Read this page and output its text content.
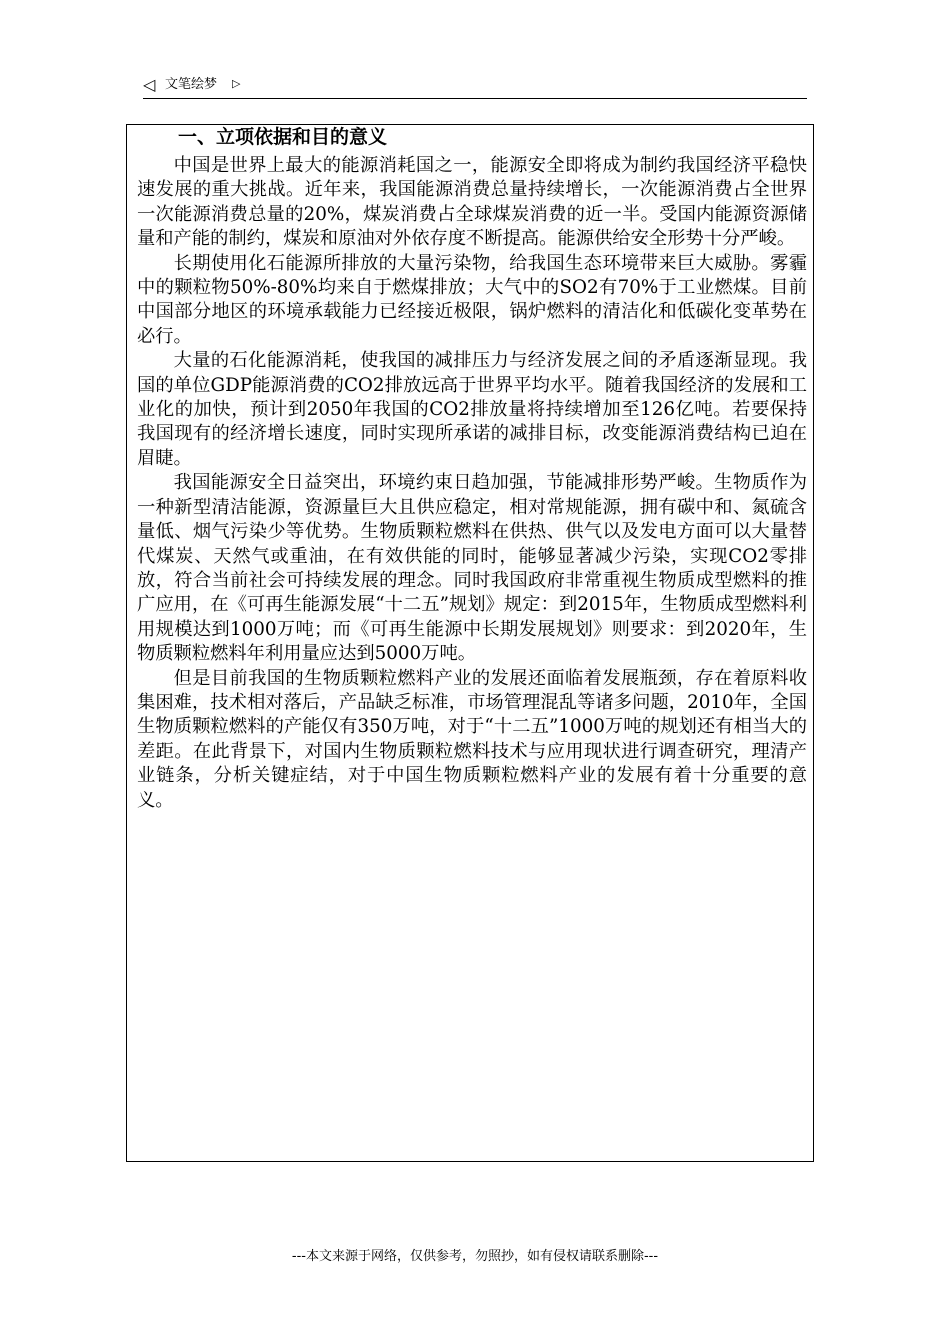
◁ 文笔绘梦 ▷
一、立项依据和目的意义

中国是世界上最大的能源消耗国之一，能源安全即将成为制约我国经济平稳快速发展的重大挑战。近年来，我国能源消费总量持续增长，一次能源消费占全世界一次能源消费总量的20%，煤炭消费占全球煤炭消费的近一半。受国内能源资源储量和产能的制约，煤炭和原油对外依存度不断提高。能源供给安全形势十分严峻。

长期使用化石能源所排放的大量污染物，给我国生态环境带来巨大威胁。雾霾中的颗粒物50%-80%均来自于燃煤排放；大气中的SO2有70%于工业燃煤。目前中国部分地区的环境承载能力已经接近极限，锅炉燃料的清洁化和低碳化变革势在必行。

大量的石化能源消耗，使我国的减排压力与经济发展之间的矛盾逐渐显现。我国的单位GDP能源消费的CO2排放远高于世界平均水平。随着我国经济的发展和工业化的加快，预计到2050年我国的CO2排放量将持续增加至126亿吨。若要保持我国现有的经济增长速度，同时实现所承诺的减排目标，改变能源消费结构已迫在眉睫。

我国能源安全日益突出，环境约束日趋加强，节能减排形势严峻。生物质作为一种新型清洁能源，资源量巨大且供应稳定，相对常规能源，拥有碳中和、氮硫含量低、烟气污染少等优势。生物质颗粒燃料在供热、供气以及发电方面可以大量替代煤炭、天然气或重油，在有效供能的同时，能够显著减少污染，实现CO2零排放，符合当前社会可持续发展的理念。同时我国政府非常重视生物质成型燃料的推广应用，在《可再生能源发展“十二五”规划》规定：到2015年，生物质成型燃料利用规模达到1000万吨；而《可再生能源中长期发展规划》则要求：到2020年，生物质颗粒燃料年利用量应达到5000万吨。

但是目前我国的生物质颗粒燃料产业的发展还面临着发展瓶颈，存在着原料收集困难，技术相对落后，产品缺乏标准，市场管理混乱等诸多问题，2010年，全国生物质颗粒燃料的产能仅有350万吨，对于“十二五”1000万吨的规划还有相当大的差距。在此背景下，对国内生物质颗粒燃料技术与应用现状进行调查研究，理清产业链条，分析关键症结，对于中国生物质颗粒燃料产业的发展有着十分重要的意义。

---本文来源于网络，仅供参考，勿照抄，如有侵权请联系删除---
